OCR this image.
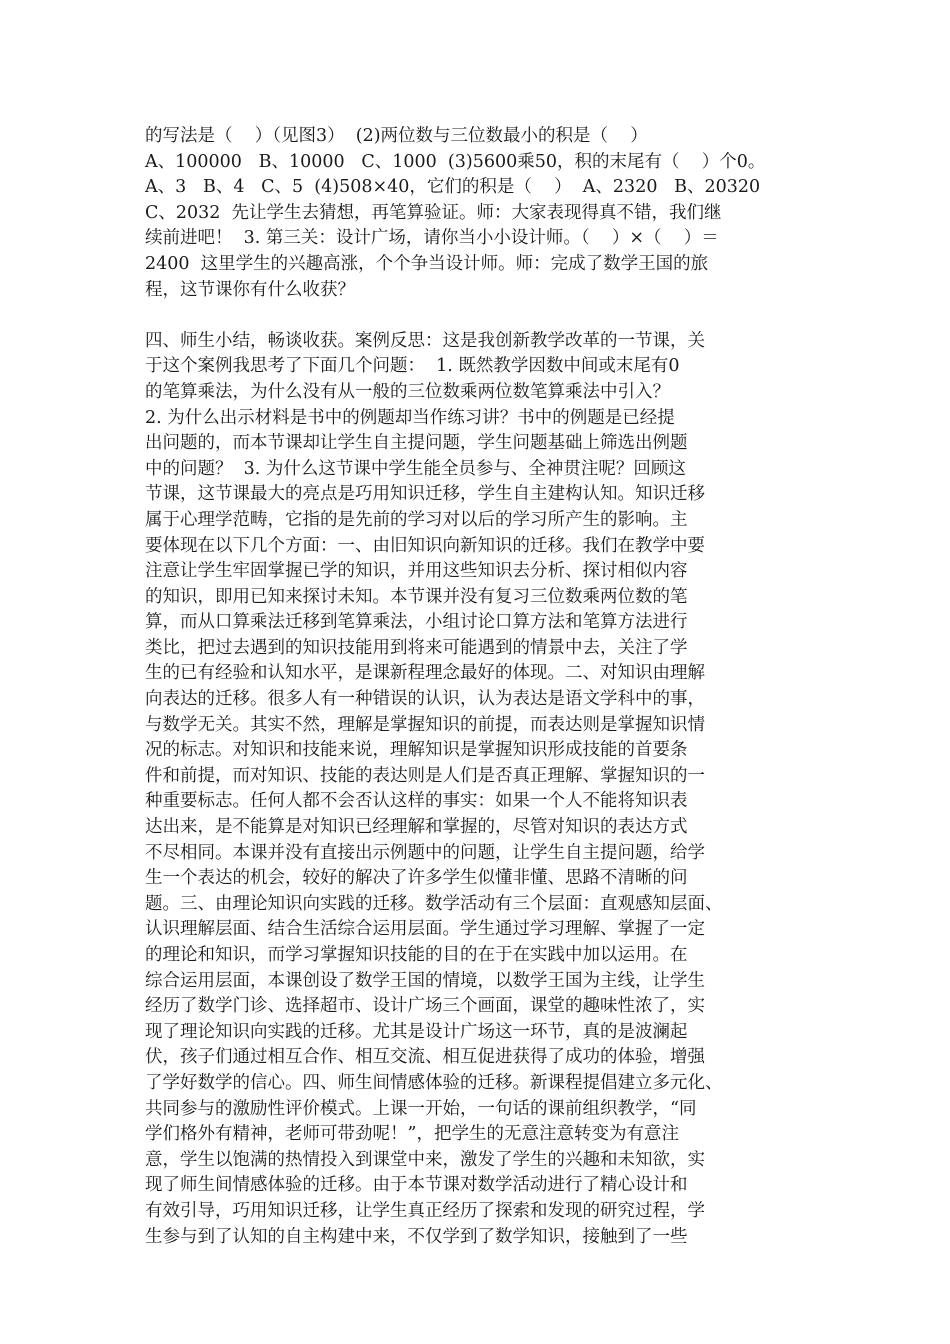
的写法是（    ）（见图3）  (2)两位数与三位数最小的积是（    ）
A、100000   B、10000   C、1000  (3)5600乘50，积的末尾有（    ）个0。
A、3   B、4   C、5  (4)508×40，它们的积是（    ）  A、2320   B、20320
C、2032  先让学生去猜想，再笔算验证。师：大家表现得真不错，我们继
续前进吧！  3. 第三关：设计广场，请你当小小设计师。（    ）×（    ）＝
2400  这里学生的兴趣高涨，个个争当设计师。师：完成了数学王国的旅
程，这节课你有什么收获？
四、师生小结，畅谈收获。案例反思：这是我创新教学改革的一节课，关
于这个案例我思考了下面几个问题：  1. 既然教学因数中间或末尾有0
的笔算乘法，为什么没有从一般的三位数乘两位数笔算乘法中引入？
2. 为什么出示材料是书中的例题却当作练习讲？书中的例题是已经提
出问题的，而本节课却让学生自主提问题，学生问题基础上筛选出例题
中的问题？  3. 为什么这节课中学生能全员参与、全神贯注呢？回顾这
节课，这节课最大的亮点是巧用知识迁移，学生自主建构认知。知识迁移
属于心理学范畴，它指的是先前的学习对以后的学习所产生的影响。主
要体现在以下几个方面：一、由旧知识向新知识的迁移。我们在教学中要
注意让学生牢固掌握已学的知识，并用这些知识去分析、探讨相似内容
的知识，即用已知来探讨未知。本节课并没有复习三位数乘两位数的笔
算，而从口算乘法迁移到笔算乘法，小组讨论口算方法和笔算方法进行
类比，把过去遇到的知识技能用到将来可能遇到的情景中去，关注了学
生的已有经验和认知水平，是课新程理念最好的体现。二、对知识由理解
向表达的迁移。很多人有一种错误的认识，认为表达是语文学科中的事，
与数学无关。其实不然，理解是掌握知识的前提，而表达则是掌握知识情
况的标志。对知识和技能来说，理解知识是掌握知识形成技能的首要条
件和前提，而对知识、技能的表达则是人们是否真正理解、掌握知识的一
种重要标志。任何人都不会否认这样的事实：如果一个人不能将知识表
达出来，是不能算是对知识已经理解和掌握的，尽管对知识的表达方式
不尽相同。本课并没有直接出示例题中的问题，让学生自主提问题，给学
生一个表达的机会，较好的解决了许多学生似懂非懂、思路不清晰的问
题。三、由理论知识向实践的迁移。数学活动有三个层面：直观感知层面、
认识理解层面、结合生活综合运用层面。学生通过学习理解、掌握了一定
的理论和知识，而学习掌握知识技能的目的在于在实践中加以运用。在
综合运用层面，本课创设了数学王国的情境，以数学王国为主线，让学生
经历了数学门诊、选择超市、设计广场三个画面，课堂的趣味性浓了，实
现了理论知识向实践的迁移。尤其是设计广场这一环节，真的是波澜起
伏，孩子们通过相互合作、相互交流、相互促进获得了成功的体验，增强
了学好数学的信心。四、师生间情感体验的迁移。新课程提倡建立多元化、
共同参与的激励性评价模式。上课一开始，一句话的课前组织教学，“同
学们格外有精神，老师可带劲呢！”，把学生的无意注意转变为有意注
意，学生以饱满的热情投入到课堂中来，激发了学生的兴趣和未知欲，实
现了师生间情感体验的迁移。由于本节课对数学活动进行了精心设计和
有效引导，巧用知识迁移，让学生真正经历了探索和发现的研究过程，学
生参与到了认知的自主构建中来，不仅学到了数学知识，接触到了一些
